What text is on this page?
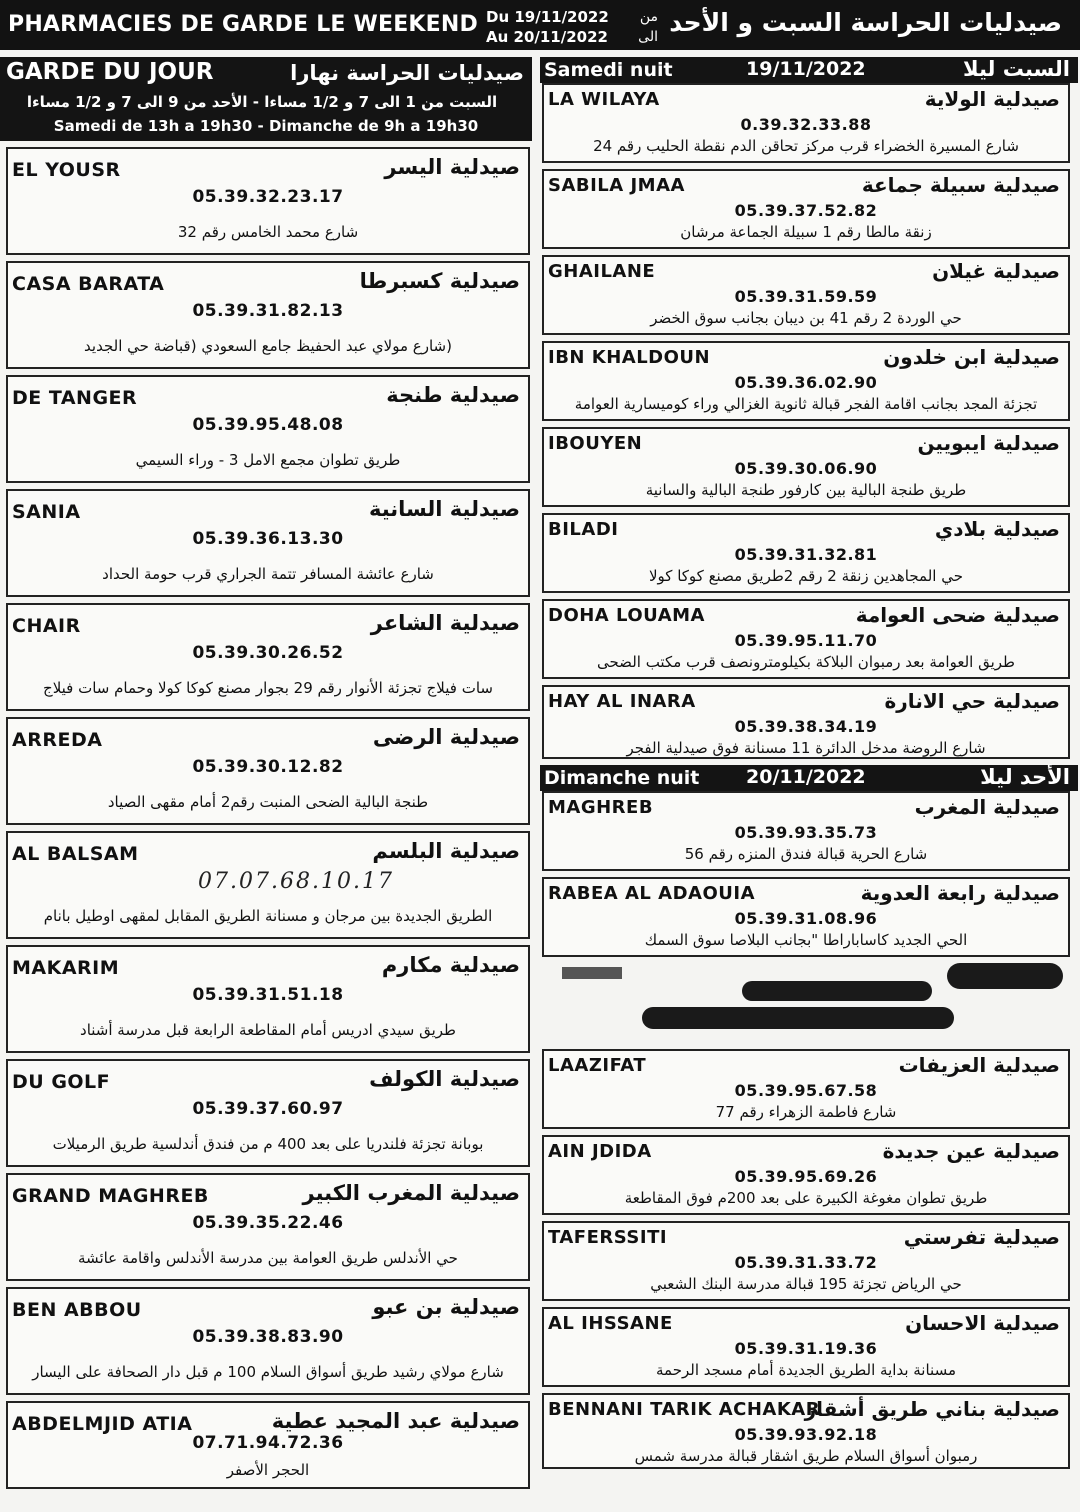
PHARMACIES DE GARDE LE WEEKEND Du 19/11/2022
Au 20/11/2022
من
الى صيدليات الحراسة السبت و الأحد
GARDE DU JOUR	صيدليات الحراسة نهارا
السبت من 1 الى 7 و 1/2 مساءا - الأحد من 9 الى 7 و 1/2 مساءا
Samedi de 13h a 19h30 - Dimanche de 9h a 19h30
EL YOUSR	صيدلية اليسر
05.39.32.23.17
شارع محمد الخامس رقم 32
CASA BARATA	صيدلية كسبرطا
05.39.31.82.13
(شارع مولاي عبد الحفيظ جامع السعودي (قباضة حي الجديد
DE TANGER	صيدلية طنجة
05.39.95.48.08
طريق تطوان مجمع الامل 3 - وراء السيمي
SANIA	صيدلية السانية
05.39.36.13.30
شارع عائشة المسافر تتمة الجراري قرب حومة الحداد
CHAIR	صيدلية الشاعر
05.39.30.26.52
سات فيلاج تجزئة الأنوار رقم 29 بجوار مصنع كوكا كولا وحمام سات فيلاج
ARREDA	صيدلية الرضى
05.39.30.12.82
طنجة البالية الضحى المنبت رقم2 أمام مقهى الصياد
AL BALSAM	صيدلية البلسم
الطريق الجديدة بين مرجان و مسنانة الطريق المقابل لمقهى اوطيل بانام
07.07.68.10.17
MAKARIM	صيدلية مكارم
05.39.31.51.18
طريق سيدي ادريس أمام المقاطعة الرابعة قبل مدرسة أشناد
DU GOLF	صيدلية الكولف
05.39.37.60.97
بوبانة تجزئة فلندريا على بعد 400 م من فندق أندلسية طريق الرميلات
GRAND MAGHREB	صيدلية المغرب الكبير
05.39.35.22.46
حي الأندلس طريق العوامة بين مدرسة الأندلس واقامة عائشة
BEN ABBOU	صيدلية بن عبو
05.39.38.83.90
شارع مولاي رشيد طريق أسواق السلام 100 م قبل دار الصحافة على اليسار
ABDELMJID ATIA	صيدلية عبد المجيد عطية
07.71.94.72.36
الحجر الأصفر
Samedi nuit	19/11/2022	السبت ليلا
LA WILAYA	صيدلية الولاية
0.39.32.33.88
شارع المسيرة الخضراء قرب مركز تحاقن الدم نقطة الحليب رقم 24
SABILA JMAA	صيدلية سبيلة جماعة
05.39.37.52.82
زنقة مالطا رقم 1 سبيلة الجماعة مرشان
GHAILANE	صيدلية غيلان
05.39.31.59.59
حي الوردة 2 رقم 41 بن ديبان بجانب سوق الخضر
IBN KHALDOUN	صيدلية ابن خلدون
05.39.36.02.90
تجزئة المجد بجانب اقامة الفجر قبالة ثانوية الغزالي وراء كوميسارية العوامة
IBOUYEN	صيدلية ايبويين
05.39.30.06.90
طريق طنجة البالية بين كارفور طنجة البالية والسانية
BILADI	صيدلية بلادي
05.39.31.32.81
حي المجاهدين زنقة 2 رقم 2طريق مصنع كوكا كولا
DOHA LOUAMA	صيدلية ضحى العوامة
05.39.95.11.70
طريق العوامة بعد رمبوان البلاكة بكيلومترونصف قرب مكتب الضحى
HAY AL INARA	صيدلية حي الانارة
05.39.38.34.19
شارع الروضة مدخل الدائرة 11 مسنانة فوق صيدلية الفجر
Dimanche nuit 20/11/2022	الأحد ليلا
MAGHREB	صيدلية المغرب
05.39.93.35.73
شارع الحرية قبالة فندق المنزه رقم 56
RABEA AL ADAOUIA	صيدلية رابعة العدوية
05.39.31.08.96
الحي الجديد كاساباراطا "بجانب البلاصا سوق السمك
LAAZIFAT	صيدلية العزيفات
05.39.95.67.58
شارع فاطمة الزهراء رقم 77
AIN JDIDA	صيدلية عين جديدة
05.39.95.69.26
طريق تطوان مغوغة الكبيرة على بعد 200م فوق المقاطعة
TAFERSSITI	صيدلية تفرستي
05.39.31.33.72
حي الرياض تجزئة 195 قبالة مدرسة البنك الشعبي
AL IHSSANE	صيدلية الاحسان
05.39.31.19.36
مسنانة بداية الطريق الجديدة أمام مسجد الرحمة
BENNANI TARIK ACHAKAR
صيدلية بناني طريق أشقار
05.39.93.92.18
رمبوان أسواق السلام طريق اشقار قبالة مدرسة شمس
